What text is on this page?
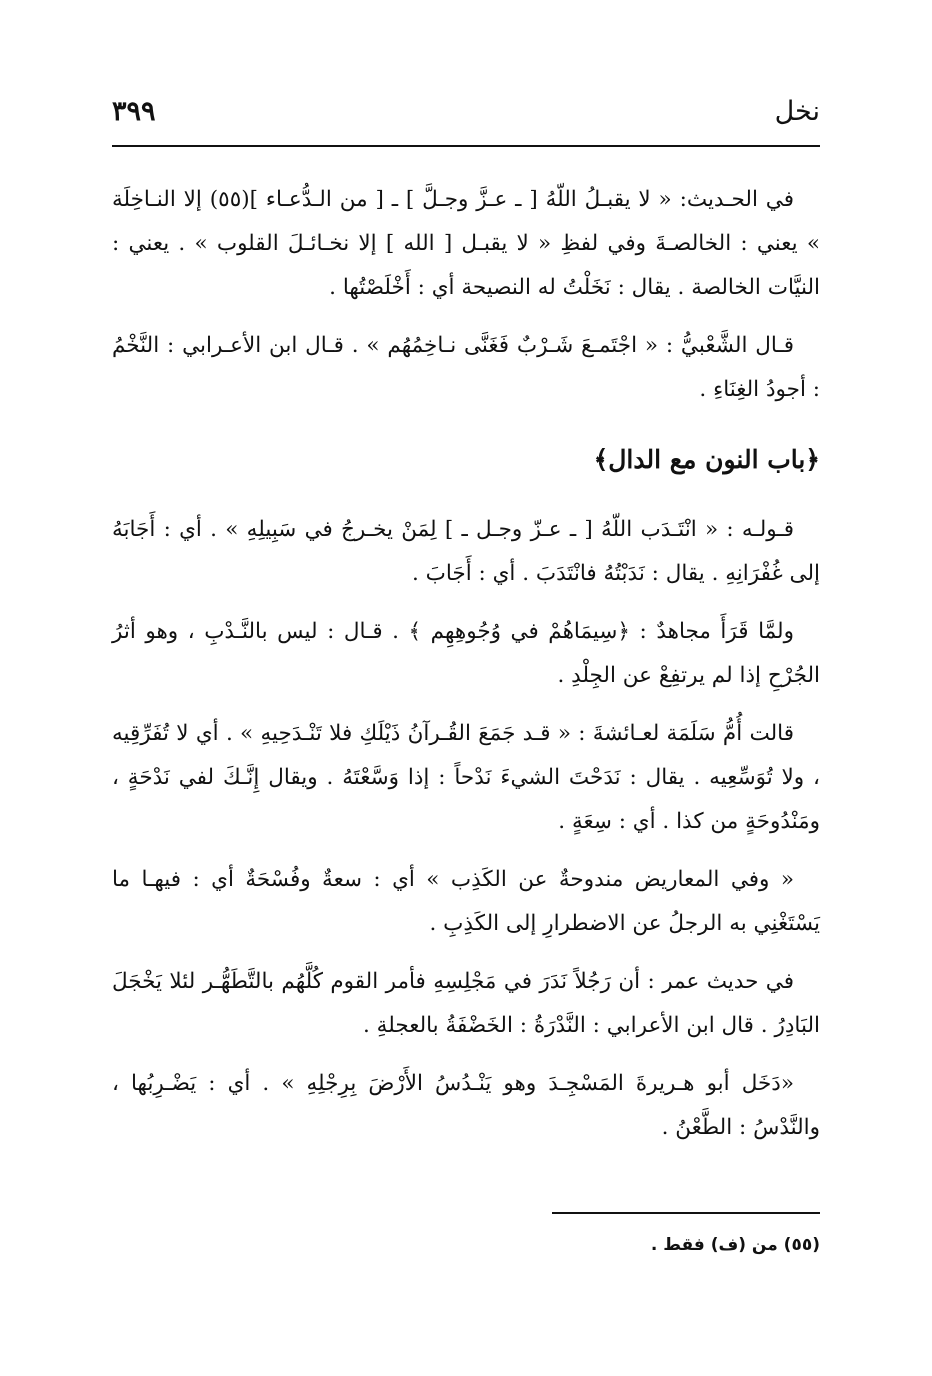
نخل
٣٩٩

في الحـديث: « لا يقبـلُ اللّهُ [ ـ عـزَّ وجـلَّ ] ـ [ من الـدُّعـاء ](٥٥) إلا النـاخِلَة » يعني : الخالصـةَ وفي لفظِ « لا يقبـل [ الله ] إلا نخـائـلَ القلوب » . يعني : النيَّات الخالصة . يقال : نَخَلْتُ له النصيحة أي : أَخْلَصْتُها .

قـال الشَّعْبيُّ : « اجْتَمـعَ شَـرْبٌ فَغَنَّى نـاخِمُهُم » . قـال ابن الأعـرابي : النَّخْمُ : أجودُ الغِنَاءِ .

﴿باب النون مع الدال﴾

قـولـه : « انْتَـدَب اللّهُ [ ـ عـزّ وجـل ـ ] لِمَنْ يخـرجُ في سَبِيلِهِ » . أي : أَجَابَهُ إلى غُفْرَانِهِ . يقال : نَدَبْتُهُ فانْتَدَبَ . أي : أَجَابَ .

ولمَّا قَرَأَ مجاهدٌ : ﴿سِيمَاهُمْ في وُجُوهِهِم ﴾ . قـال : ليس بالنَّـدْبِ ، وهو أثرُ الجُرْحِ إذا لم يرتفِعْ عن الجِلْدِ .

قالت أُمُّ سَلَمَة لعـائشةَ : « قـد جَمَعَ القُـرآنُ ذَيْلَكِ فلا تَنْـدَحِيهِ » . أي لا تُفَرِّقِيه ، ولا تُوَسِّعِيه . يقال : نَدَحْتَ الشيءَ نَدْحاً : إذا وَسَّعْتَهُ . ويقال إِنَّـكَ لفي نَدْحَةٍ ، ومَنْدُوحَةٍ من كذا . أي : سِعَةٍ .

« وفي المعاريض مندوحةٌ عن الكَذِب » أي : سعةٌ وفُسْحَةٌ أي : فيهـا ما يَسْتَغْنِي به الرجلُ عن الاضطرارِ إلى الكَذِبِ .

في حديث عمر : أن رَجُلاً نَدَرَ في مَجْلِسِهِ فأمر القوم كُلَّهُم بالتَّطَهُّـر لئلا يَخْجَلَ البَادِرُ . قال ابن الأعرابي : النَّدْرَةُ : الخَضْفَةُ بالعجلةِ .

«دَخَل أبو هـريرةَ المَسْجِـدَ وهو يَنْـدُسُ الأَرْضَ بِرِجْلِهِ » . أي : يَضْـرِبُها ، والنَّدْسُ : الطَّعْنُ .

(٥٥) من (ف) فقط .
